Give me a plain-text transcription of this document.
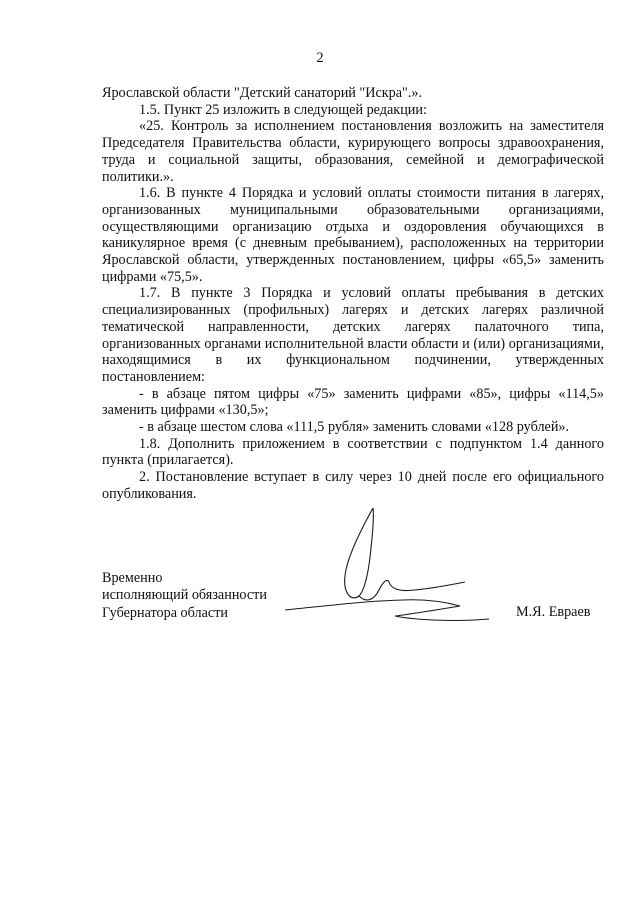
2

Ярославской области "Детский санаторий "Искра".».

1.5. Пункт 25 изложить в следующей редакции:

«25. Контроль за исполнением постановления возложить на заместителя Председателя Правительства области, курирующего вопросы здравоохранения, труда и социальной защиты, образования, семейной и демографической политики.».

1.6. В пункте 4 Порядка и условий оплаты стоимости питания в лагерях, организованных муниципальными образовательными организациями, осуществляющими организацию отдыха и оздоровления обучающихся в каникулярное время (с дневным пребыванием), расположенных на территории Ярославской области, утвержденных постановлением, цифры «65,5» заменить цифрами «75,5».

1.7. В пункте 3 Порядка и условий оплаты пребывания в детских специализированных (профильных) лагерях и детских лагерях различной тематической направленности, детских лагерях палаточного типа, организованных органами исполнительной власти области и (или) организациями, находящимися в их функциональном подчинении, утвержденных постановлением:

- в абзаце пятом цифры «75» заменить цифрами «85», цифры «114,5» заменить цифрами «130,5»;

- в абзаце шестом слова «111,5 рубля» заменить словами «128 рублей».

1.8. Дополнить приложением в соответствии с подпунктом 1.4 данного пункта (прилагается).

2. Постановление вступает в силу через 10 дней после его официального опубликования.

Временно
исполняющий обязанности
Губернатора области	М.Я. Евраев
